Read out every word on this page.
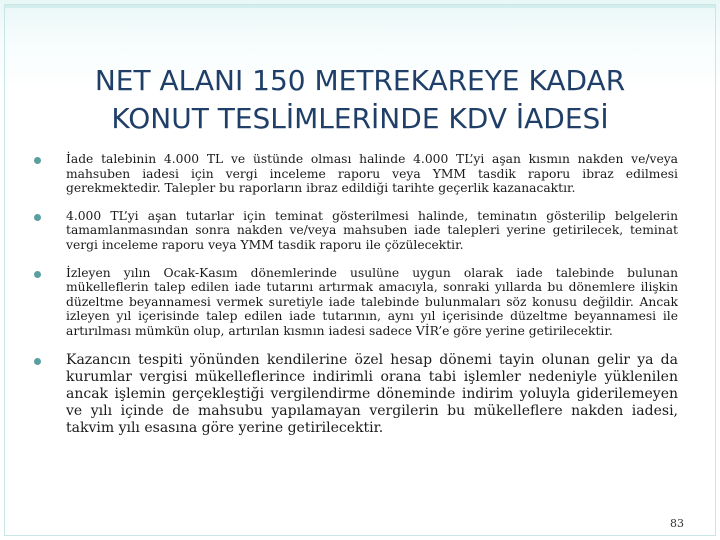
NET ALANI 150 METREKAREYE KADAR
KONUT TESLİMLERİNDE KDV İADESİ
İade talebinin 4.000 TL ve üstünde olması halinde 4.000 TL’yi aşan kısmın nakden ve/veya mahsuben iadesi için vergi inceleme raporu veya YMM tasdik raporu ibraz edilmesi gerekmektedir. Talepler bu raporların ibraz edildiği tarihte geçerlik kazanacaktır.
4.000 TL’yi aşan tutarlar için teminat gösterilmesi halinde, teminatın gösterilip belgelerin tamamlanmasından sonra nakden ve/veya mahsuben iade talepleri yerine getirilecek, teminat vergi inceleme raporu veya YMM tasdik raporu ile çözülecektir.
İzleyen yılın Ocak-Kasım dönemlerinde usulüne uygun olarak iade talebinde bulunan mükelleflerin talep edilen iade tutarını artırmak amacıyla, sonraki yıllarda bu dönemlere ilişkin düzeltme beyannamesi vermek suretiyle iade talebinde bulunmaları söz konusu değildir. Ancak izleyen yıl içerisinde talep edilen iade tutarının, aynı yıl içerisinde düzeltme beyannamesi ile artırılması mümkün olup, artırılan kısmın iadesi sadece VİR’e göre yerine getirilecektir.
Kazancın tespiti yönünden kendilerine özel hesap dönemi tayin olunan gelir ya da kurumlar vergisi mükelleflerince indirimli orana tabi işlemler nedeniyle yüklenilen ancak işlemin gerçekleştiği vergilendirme döneminde indirim yoluyla giderilemeyen ve yılı içinde de mahsubu yapılamayan vergilerin bu mükelleflere nakden iadesi, takvim yılı esasına göre yerine getirilecektir.
83
